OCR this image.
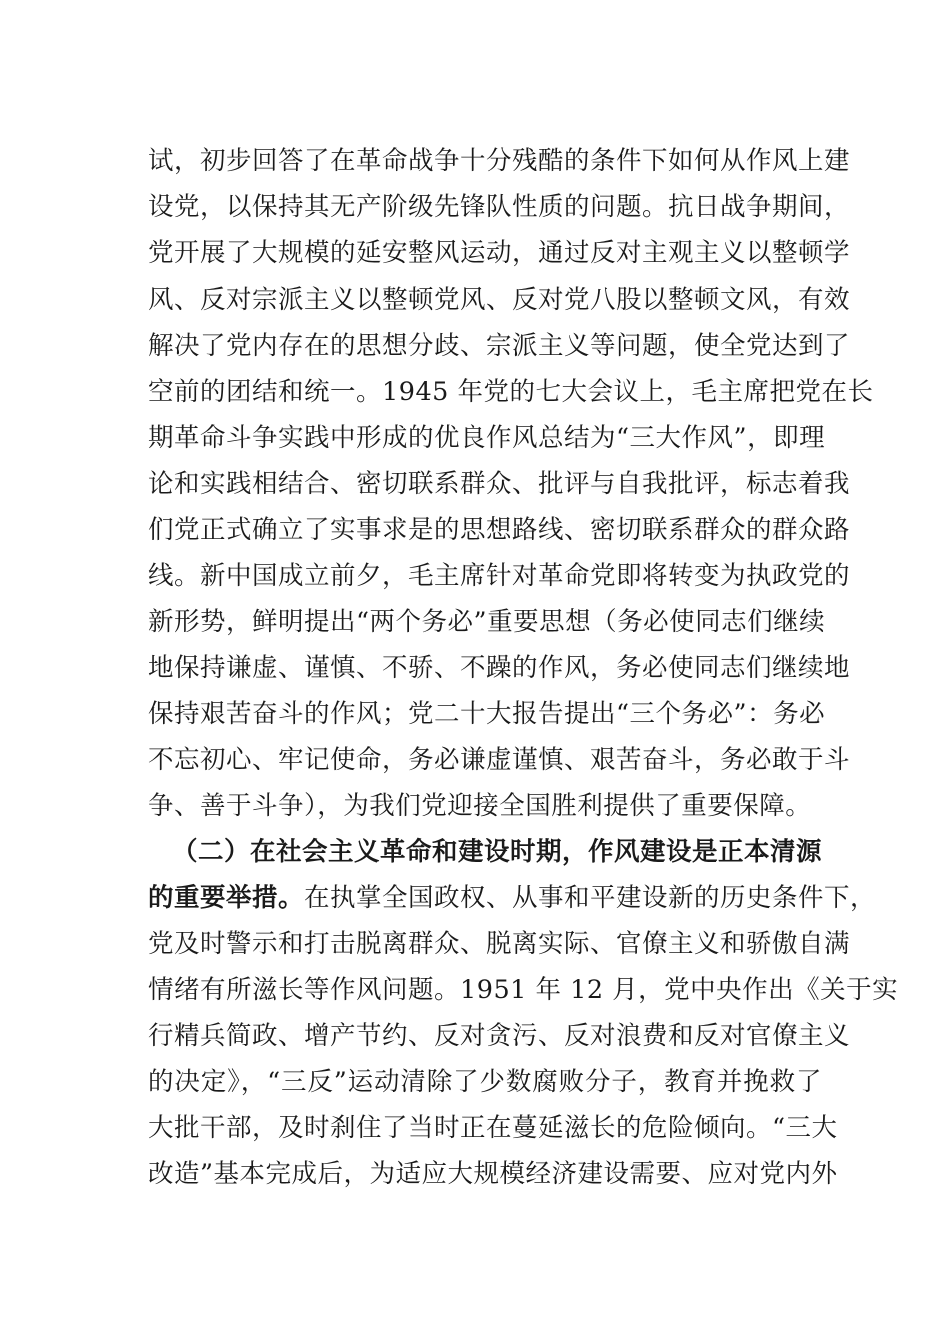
试，初步回答了在革命战争十分残酷的条件下如何从作风上建
设党，以保持其无产阶级先锋队性质的问题。抗日战争期间，
党开展了大规模的延安整风运动，通过反对主观主义以整顿学
风、反对宗派主义以整顿党风、反对党八股以整顿文风，有效
解决了党内存在的思想分歧、宗派主义等问题，使全党达到了
空前的团结和统一。1945 年党的七大会议上，毛主席把党在长
期革命斗争实践中形成的优良作风总结为“三大作风”，即理
论和实践相结合、密切联系群众、批评与自我批评，标志着我
们党正式确立了实事求是的思想路线、密切联系群众的群众路
线。新中国成立前夕，毛主席针对革命党即将转变为执政党的
新形势，鲜明提出“两个务必”重要思想（务必使同志们继续
地保持谦虚、谨慎、不骄、不躁的作风，务必使同志们继续地
保持艰苦奋斗的作风；党二十大报告提出“三个务必”：务必
不忘初心、牢记使命，务必谦虚谨慎、艰苦奋斗，务必敢于斗
争、善于斗争），为我们党迎接全国胜利提供了重要保障。
（二）在社会主义革命和建设时期，作风建设是正本清源
的重要举措。在执掌全国政权、从事和平建设新的历史条件下，
党及时警示和打击脱离群众、脱离实际、官僚主义和骄傲自满
情绪有所滋长等作风问题。1951 年 12 月，党中央作出《关于实
行精兵简政、增产节约、反对贪污、反对浪费和反对官僚主义
的决定》，“三反”运动清除了少数腐败分子，教育并挽救了
大批干部，及时刹住了当时正在蔓延滋长的危险倾向。“三大
改造”基本完成后，为适应大规模经济建设需要、应对党内外
